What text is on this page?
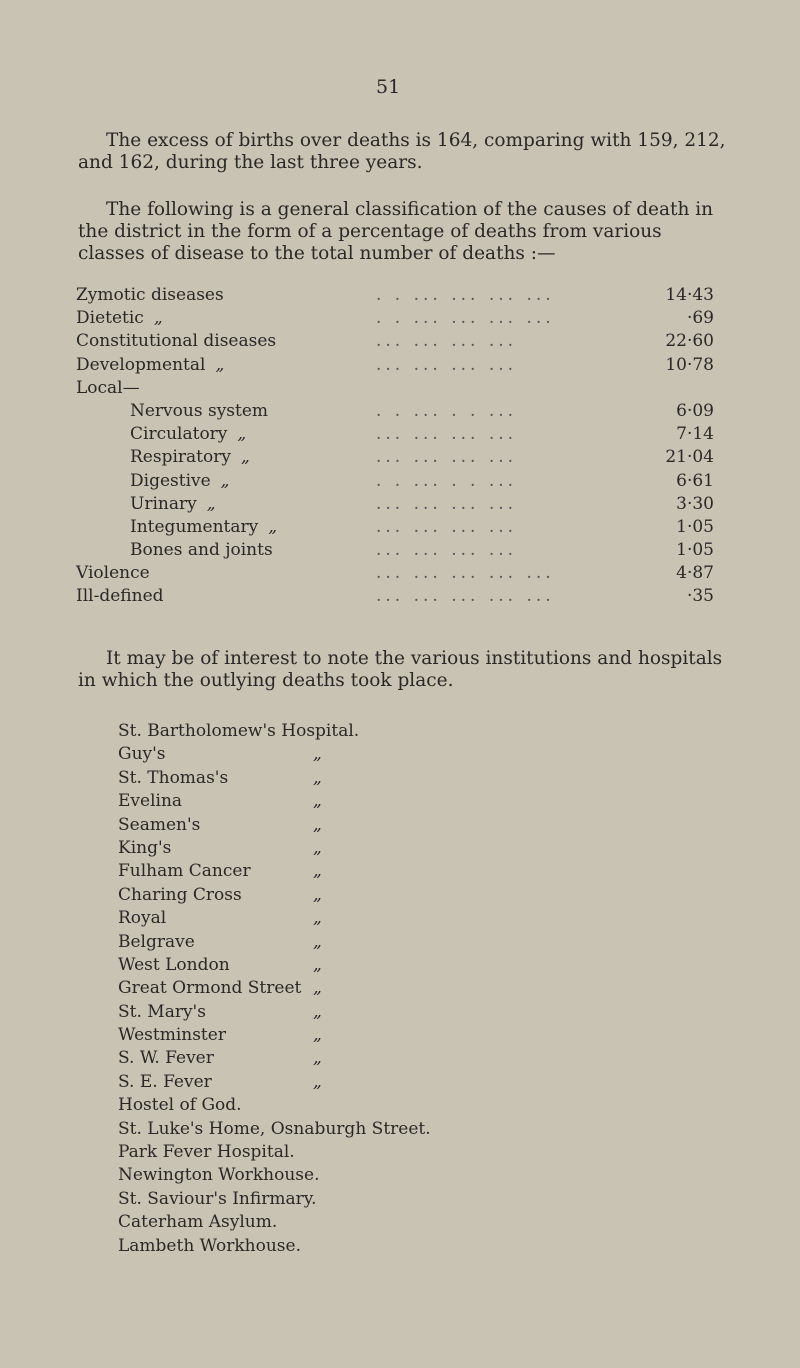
51

The excess of births over deaths is 164, comparing with 159, 212, and 162, during the last three years.

The following is a general classification of the causes of death in the district in the form of a percentage of deaths from various classes of disease to the total number of deaths :—

Zymotic diseases	. . ... ... ... ...	14·43
Dietetic „	. . ... ... ... ...	·69
Constitutional diseases	... ... ... ...	22·60
Developmental „	... ... ... ...	10·78
Local—
Nervous system	. . ... . . ...	6·09
Circulatory „	... ... ... ...	7·14
Respiratory „	... ... ... ...	21·04
Digestive „	. . ... . . ...	6·61
Urinary „	... ... ... ...	3·30
Integumentary „	... ... ... ...	1·05
Bones and joints	... ... ... ...	1·05
Violence	... ... ... ... ...	4·87
Ill-defined	... ... ... ... ...	·35

It may be of interest to note the various institutions and hospitals in which the outlying deaths took place.

St. Bartholomew's Hospital.
Guy's	„
St. Thomas's	„
Evelina	„
Seamen's	„
King's	„
Fulham Cancer	„
Charing Cross	„
Royal	„
Belgrave	„
West London	„
Great Ormond Street „
St. Mary's	„
Westminster	„
S. W. Fever	„
S. E. Fever	„
Hostel of God.
St. Luke's Home, Osnaburgh Street.
Park Fever Hospital.
Newington Workhouse.
St. Saviour's Infirmary.
Caterham Asylum.
Lambeth Workhouse.
